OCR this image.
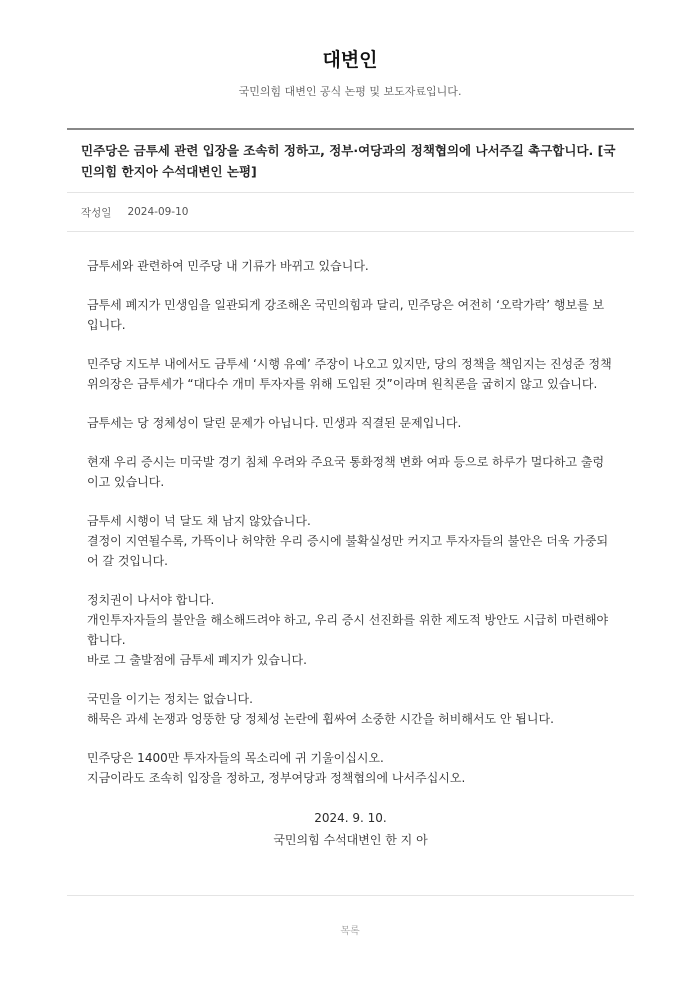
대변인
국민의힘 대변인 공식 논평 및 보도자료입니다.
민주당은 금투세 관련 입장을 조속히 정하고, 정부·여당과의 정책협의에 나서주길 촉구합니다. [국민의힘 한지아 수석대변인 논평]
작성일 2024-09-10

금투세와 관련하여 민주당 내 기류가 바뀌고 있습니다.

금투세 폐지가 민생임을 일관되게 강조해온 국민의힘과 달리, 민주당은 여전히 ‘오락가락’ 행보를 보입니다.

민주당 지도부 내에서도 금투세 ‘시행 유예’ 주장이 나오고 있지만, 당의 정책을 책임지는 진성준 정책위의장은 금투세가 “대다수 개미 투자자를 위해 도입된 것”이라며 원칙론을 굽히지 않고 있습니다.

금투세는 당 정체성이 달린 문제가 아닙니다. 민생과 직결된 문제입니다.

현재 우리 증시는 미국발 경기 침체 우려와 주요국 통화정책 변화 여파 등으로 하루가 멀다하고 출렁이고 있습니다.

금투세 시행이 넉 달도 채 남지 않았습니다.
결정이 지연될수록, 가뜩이나 허약한 우리 증시에 불확실성만 커지고 투자자들의 불안은 더욱 가중되어 갈 것입니다.

정치권이 나서야 합니다.
개인투자자들의 불안을 해소해드려야 하고, 우리 증시 선진화를 위한 제도적 방안도 시급히 마련해야 합니다.
바로 그 출발점에 금투세 폐지가 있습니다.

국민을 이기는 정치는 없습니다.
해묵은 과세 논쟁과 엉뚱한 당 정체성 논란에 휩싸여 소중한 시간을 허비해서도 안 됩니다.

민주당은 1400만 투자자들의 목소리에 귀 기울이십시오.
지금이라도 조속히 입장을 정하고, 정부여당과 정책협의에 나서주십시오.

2024. 9. 10.
국민의힘 수석대변인 한 지 아
목록
